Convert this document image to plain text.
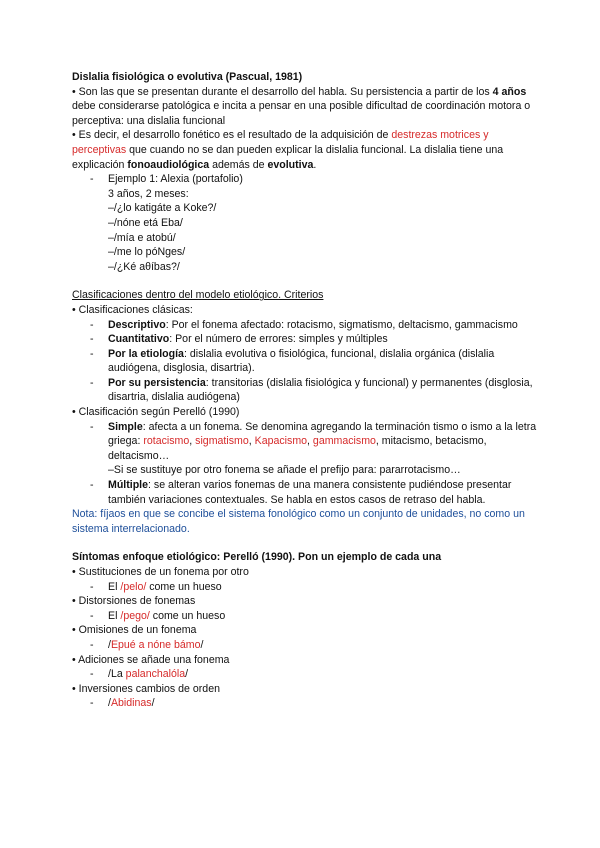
Dislalia fisiológica o evolutiva (Pascual, 1981)

• Son las que se presentan durante el desarrollo del habla. Su persistencia a partir de los 4 años debe considerarse patológica e incita a pensar en una posible dificultad de coordinación motora o perceptiva: una dislalia funcional

• Es decir, el desarrollo fonético es el resultado de la adquisición de destrezas motrices y perceptivas que cuando no se dan pueden explicar la dislalia funcional. La dislalia tiene una explicación fonoaudiológica además de evolutiva.

- Ejemplo 1: Alexia (portafolio)
3 años, 2 meses:
–/¿lo katigáte a Koke?/
–/nóne etá Eba/
–/mía e atobú/
–/me lo póNges/
–/¿Ké aθíbas?/

Clasificaciones dentro del modelo etiológico. Criterios

• Clasificaciones clásicas:

- Descriptivo: Por el fonema afectado: rotacismo, sigmatismo, deltacismo, gammacismo
- Cuantitativo: Por el número de errores: simples y múltiples
- Por la etiología: dislalia evolutiva o fisiológica, funcional, dislalia orgánica (dislalia audiógena, disglosia, disartria).
- Por su persistencia: transitorias (dislalia fisiológica y funcional) y permanentes (disglosia, disartria, dislalia audiógena)

• Clasificación según Perelló (1990)

- Simple: afecta a un fonema. Se denomina agregando la terminación tismo o ismo a la letra griega: rotacismo, sigmatismo, Kapacismo, gammacismo, mitacismo, betacismo, deltacismo…
–Si se sustituye por otro fonema se añade el prefijo para: pararrotacismo…
- Múltiple: se alteran varios fonemas de una manera consistente pudiéndose presentar también variaciones contextuales. Se habla en estos casos de retraso del habla.

Nota: fíjaos en que se concibe el sistema fonológico como un conjunto de unidades, no como un sistema interrelacionado.

Síntomas enfoque etiológico: Perelló (1990). Pon un ejemplo de cada una

• Sustituciones de un fonema por otro

- El /pelo/ come un hueso

• Distorsiones de fonemas

- El /pego/ come un hueso

• Omisiones de un fonema

- /Epué a nóne bámo/

• Adiciones se añade una fonema

- /La palanchalóla/

• Inversiones cambios de orden

- /Abidinas/
